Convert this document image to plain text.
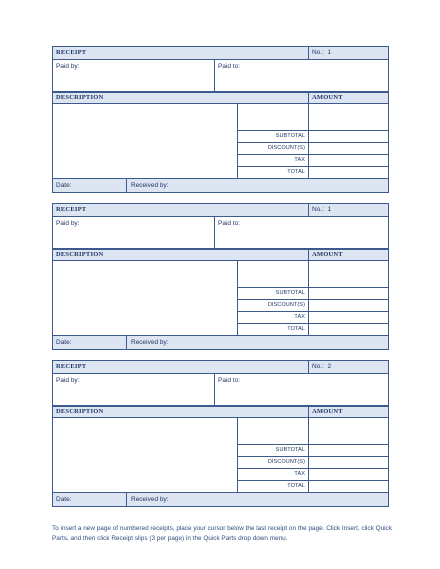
RECEIPT	No.: 1
Paid by:	Paid to:
DESCRIPTION	AMOUNT
SUBTOTAL
DISCOUNT(S)
TAX
TOTAL
Date:	Received by:
RECEIPT	No.: 1
Paid by:	Paid to:
DESCRIPTION	AMOUNT
SUBTOTAL
DISCOUNT(S)
TAX
TOTAL
Date:	Received by:
RECEIPT	No.: 2
Paid by:	Paid to:
DESCRIPTION	AMOUNT
SUBTOTAL
DISCOUNT(S)
TAX
TOTAL
Date:	Received by:
To insert a new page of numbered receipts, place your cursor below the last receipt on the page. Click Insert, click Quick Parts, and then click Receipt slips (3 per page) in the Quick Parts drop down menu.
